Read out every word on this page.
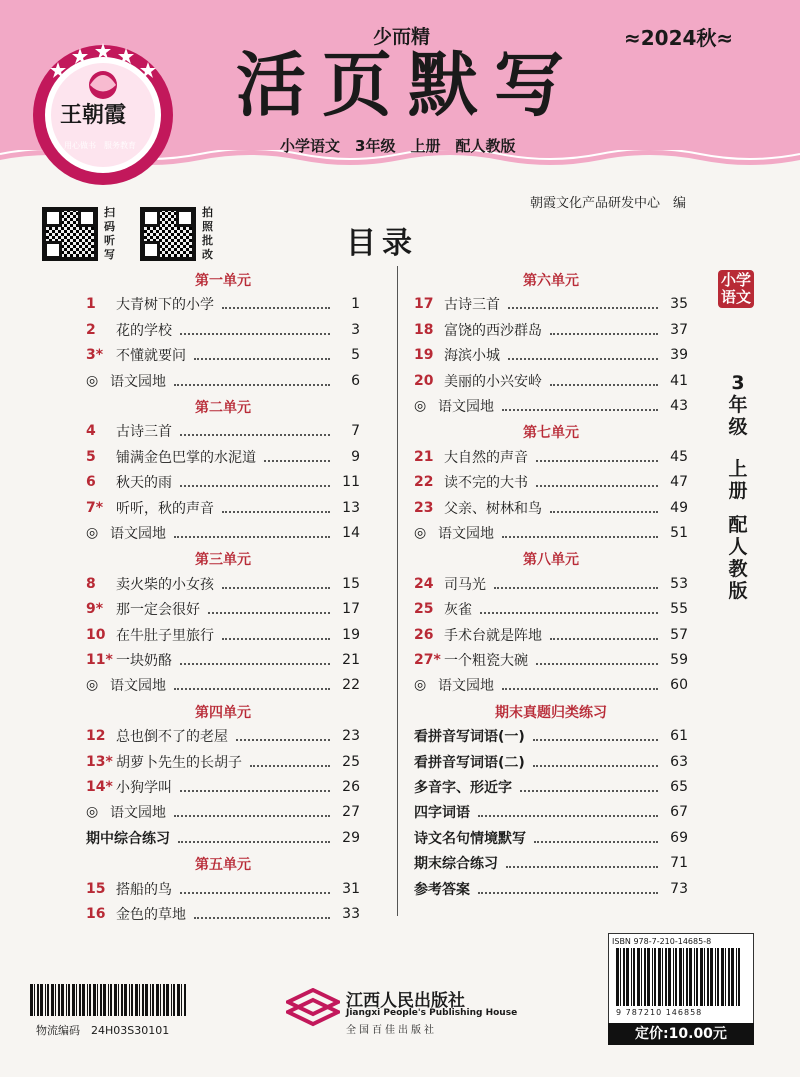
王朝霞
用心做书　服务教育
少而精
活页默写
小学语文　3年级　上册　配人教版
≈2024秋≈
扫码听写
拍照批改
朝霞文化产品研发中心　编
目录
第一单元
1	大青树下的小学	1
2	花的学校	3
3* 不懂就要问	5
◎ 语文园地	6
第二单元
4	古诗三首	7
5	铺满金色巴掌的水泥道	9
6	秋天的雨	11
7* 听听，秋的声音	13
◎ 语文园地	14
第三单元
8	卖火柴的小女孩	15
9* 那一定会很好	17
10 在牛肚子里旅行	19
11* 一块奶酪	21
◎ 语文园地	22
第四单元
12 总也倒不了的老屋	23
13* 胡萝卜先生的长胡子	25
14* 小狗学叫	26
◎ 语文园地	27
期中综合练习	29
第五单元
15 搭船的鸟	31
16 金色的草地	33
第六单元
17 古诗三首	35
18 富饶的西沙群岛	37
19 海滨小城	39
20 美丽的小兴安岭	41
◎ 语文园地	43
第七单元
21 大自然的声音	45
22 读不完的大书	47
23 父亲、树林和鸟	49
◎ 语文园地	51
第八单元
24 司马光	53
25 灰雀	55
26 手术台就是阵地	57
27* 一个粗瓷大碗	59
◎ 语文园地	60
期末真题归类练习
看拼音写词语(一)	61
看拼音写词语(二)	63
多音字、形近字	65
四字词语	67
诗文名句情境默写	69
期末综合练习	71
参考答案	73
小学语文
3年级
上册
配人教版
物流编码　 24H03S30101
江西人民出版社
Jiangxi People's Publishing House
全国百佳出版社
ISBN 978-7-210-14685-8
9 787210 146858
定价:10.00元
